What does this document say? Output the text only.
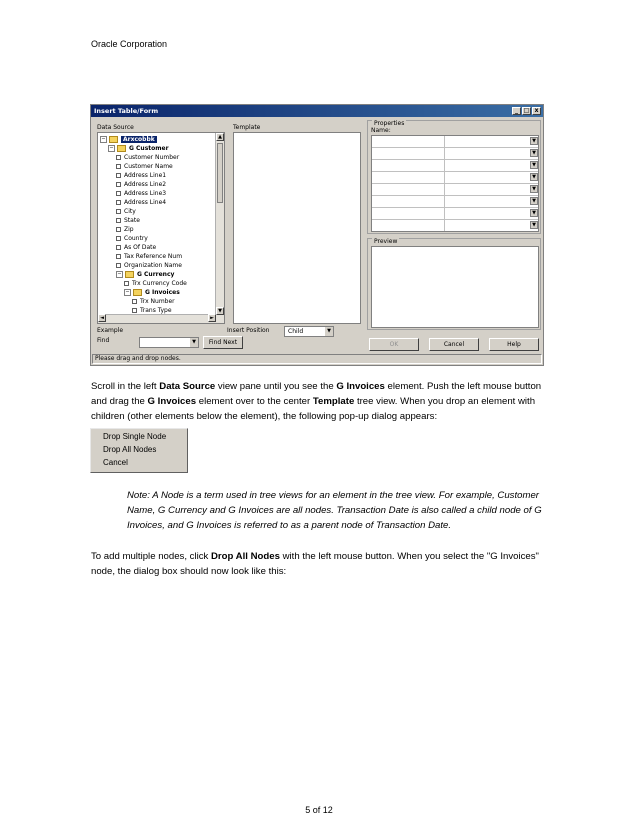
Oracle Corporation
Insert Table/Form	_ □ x
Data Source	Template
−	Arxcobbk
−	G Customer
Customer Number
Customer Name
Address Line1
Address Line2
Address Line3
Address Line4
City
State
Zip
Country
As Of Date
Tax Reference Num
Organization Name
−	G Currency
Trx Currency Code
−	G Invoices
Trx Number
Trans Type
▲
▼
◄	►
Properties
Name:
▼
▼
▼
▼
▼
▼
▼
▼
Preview
Example
Find	▼	Find Next
Insert Position	Child	▼
OK	Cancel	Help
Please drag and drop nodes.
Scroll in the left Data Source view pane until you see the G Invoices element. Push the left mouse button and drag the G Invoices element over to the center Template tree view. When you drop an element with children (other elements below the element), the following pop-up dialog appears:
Drop Single Node
Drop All Nodes
Cancel
Note: A Node is a term used in tree views for an element in the tree view. For example, Customer Name, G Currency and G Invoices are all nodes. Transaction Date is also called a child node of G Invoices, and G Invoices is referred to as a parent node of Transaction Date.
To add multiple nodes, click Drop All Nodes with the left mouse button. When you select the "G Invoices" node, the dialog box should now look like this:
5 of 12
